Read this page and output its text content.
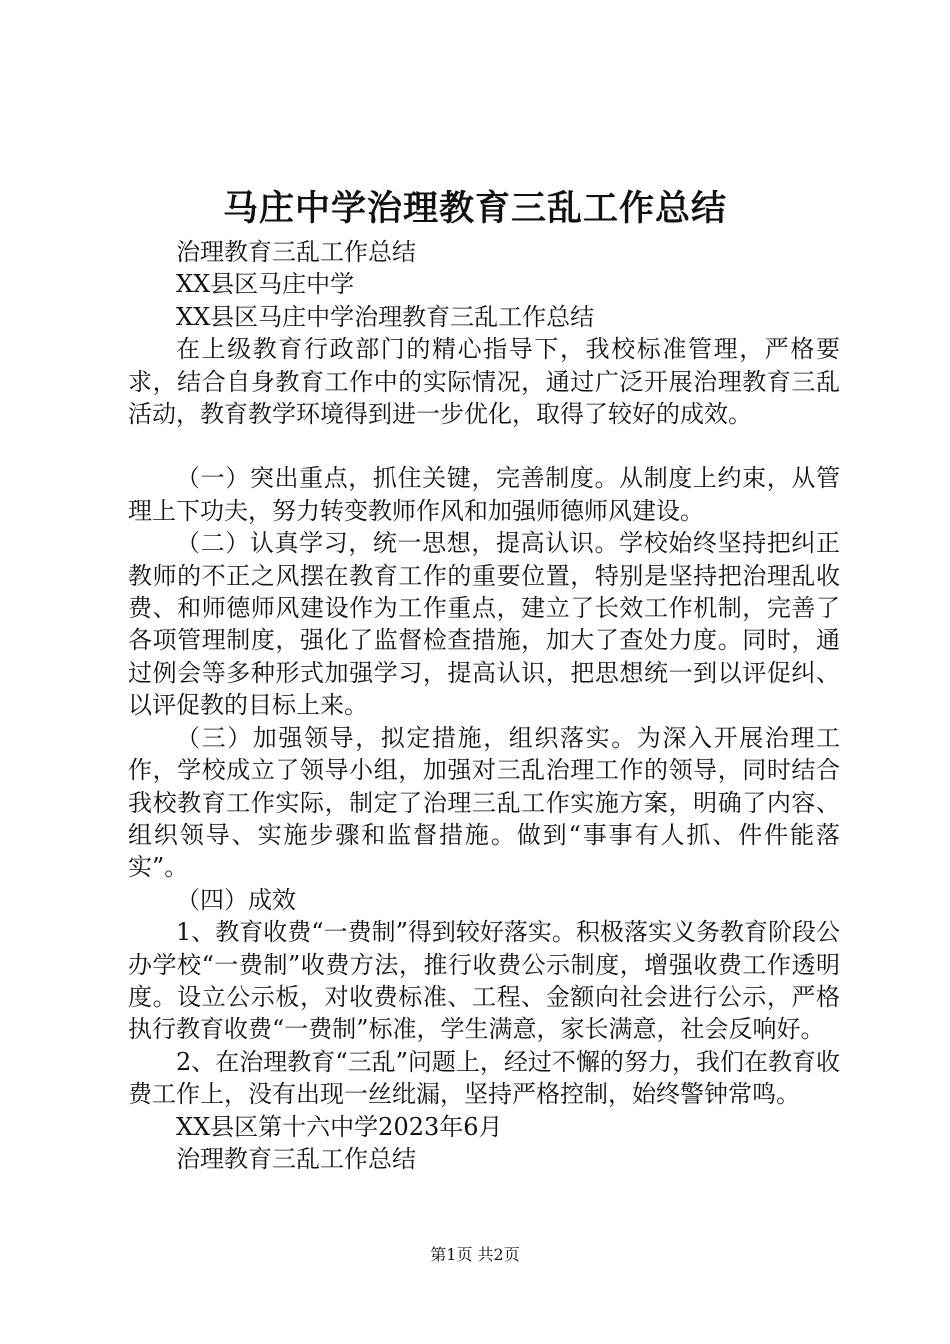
马庄中学治理教育三乱工作总结

治理教育三乱工作总结

XX县区马庄中学

XX县区马庄中学治理教育三乱工作总结

在上级教育行政部门的精心指导下，我校标准管理，严格要求，结合自身教育工作中的实际情况，通过广泛开展治理教育三乱活动，教育教学环境得到进一步优化，取得了较好的成效。

（一）突出重点，抓住关键，完善制度。从制度上约束，从管理上下功夫，努力转变教师作风和加强师德师风建设。

（二）认真学习，统一思想，提高认识。学校始终坚持把纠正教师的不正之风摆在教育工作的重要位置，特别是坚持把治理乱收费、和师德师风建设作为工作重点，建立了长效工作机制，完善了各项管理制度，强化了监督检查措施，加大了查处力度。同时，通过例会等多种形式加强学习，提高认识，把思想统一到以评促纠、以评促教的目标上来。

（三）加强领导，拟定措施，组织落实。为深入开展治理工作，学校成立了领导小组，加强对三乱治理工作的领导，同时结合我校教育工作实际，制定了治理三乱工作实施方案，明确了内容、组织领导、实施步骤和监督措施。做到“事事有人抓、件件能落实”。

（四）成效

1、教育收费“一费制”得到较好落实。积极落实义务教育阶段公办学校“一费制”收费方法，推行收费公示制度，增强收费工作透明度。设立公示板，对收费标准、工程、金额向社会进行公示，严格执行教育收费“一费制”标准，学生满意，家长满意，社会反响好。

2、在治理教育“三乱”问题上，经过不懈的努力，我们在教育收费工作上，没有出现一丝纰漏，坚持严格控制，始终警钟常鸣。

XX县区第十六中学2023年6月

治理教育三乱工作总结

第1页 共2页
